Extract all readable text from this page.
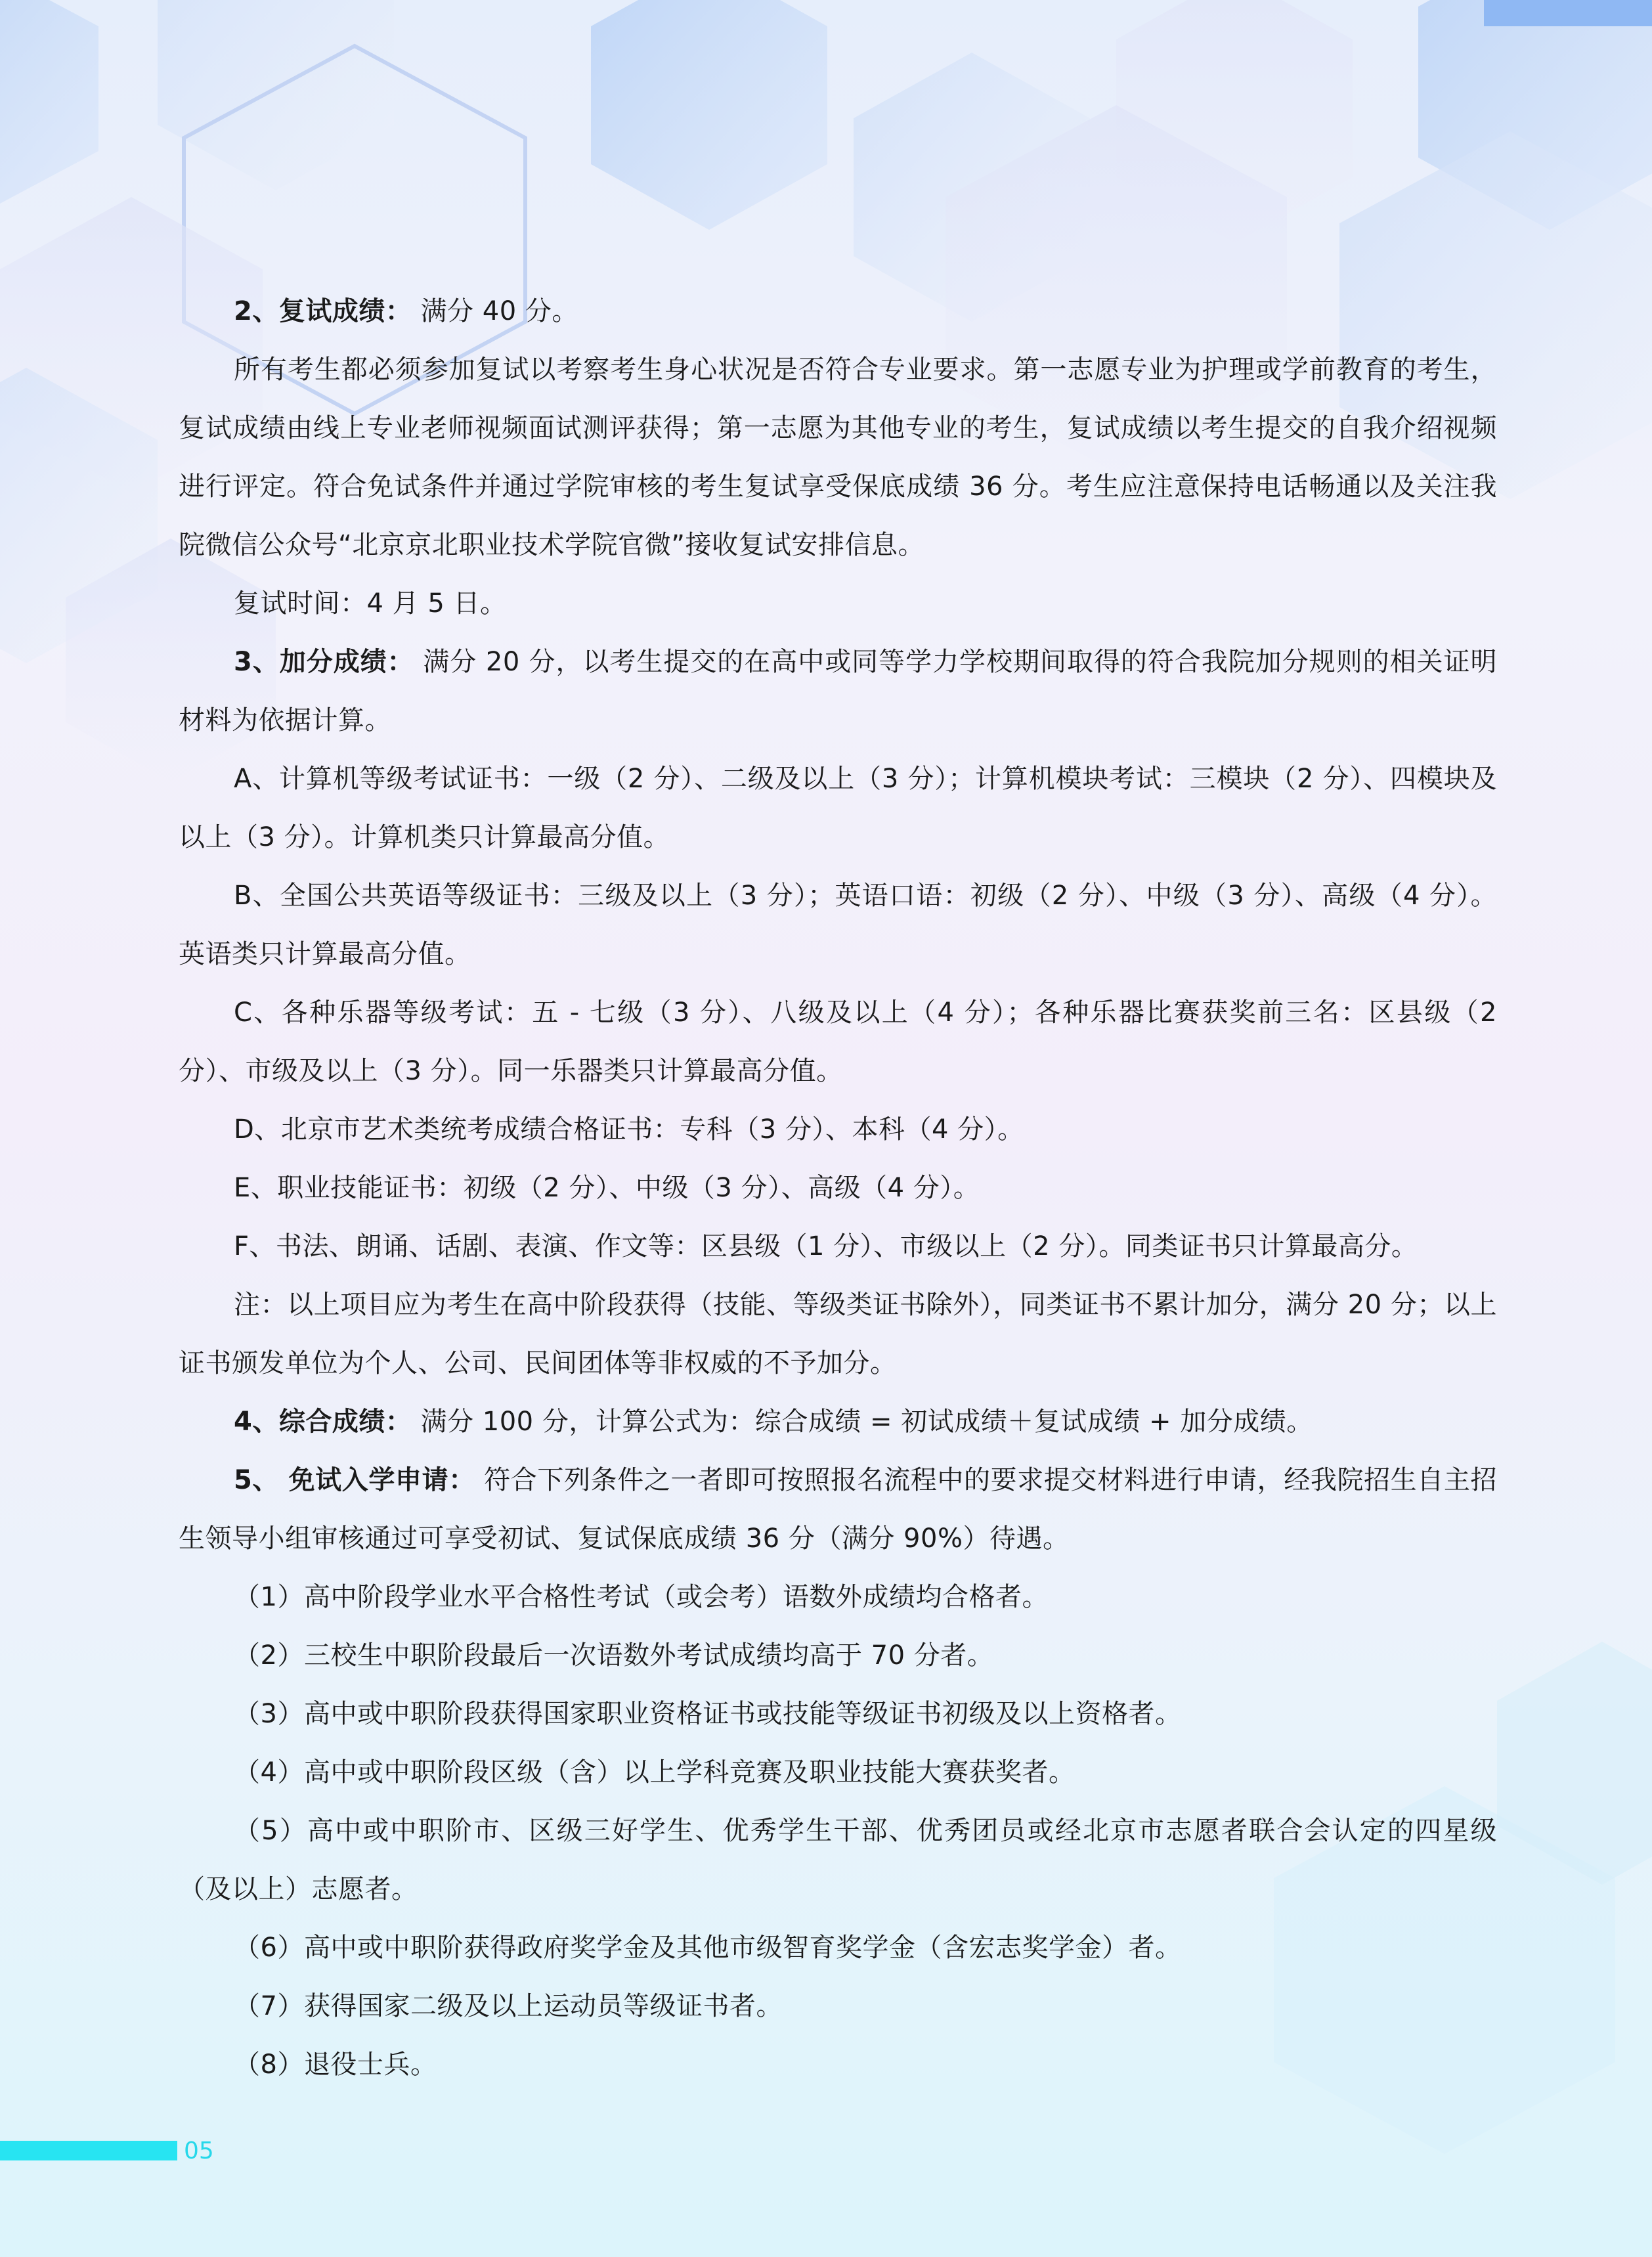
2、复试成绩： 满分 40 分。

所有考生都必须参加复试以考察考生身心状况是否符合专业要求。第一志愿专业为护理或学前教育的考生，复试成绩由线上专业老师视频面试测评获得；第一志愿为其他专业的考生，复试成绩以考生提交的自我介绍视频进行评定。符合免试条件并通过学院审核的考生复试享受保底成绩 36 分。考生应注意保持电话畅通以及关注我院微信公众号“北京京北职业技术学院官微”接收复试安排信息。

复试时间：4 月 5 日。

3、加分成绩： 满分 20 分，以考生提交的在高中或同等学力学校期间取得的符合我院加分规则的相关证明材料为依据计算。

A、计算机等级考试证书：一级（2 分）、二级及以上（3 分）；计算机模块考试：三模块（2 分）、四模块及以上（3 分）。计算机类只计算最高分值。

B、全国公共英语等级证书：三级及以上（3 分）；英语口语：初级（2 分）、中级（3 分）、高级（4 分）。英语类只计算最高分值。

C、各种乐器等级考试：五 - 七级（3 分）、八级及以上（4 分）；各种乐器比赛获奖前三名：区县级（2 分）、市级及以上（3 分）。同一乐器类只计算最高分值。

D、北京市艺术类统考成绩合格证书：专科（3 分）、本科（4 分）。

E、职业技能证书：初级（2 分）、中级（3 分）、高级（4 分）。

F、书法、朗诵、话剧、表演、作文等：区县级（1 分）、市级以上（2 分）。同类证书只计算最高分。

注：以上项目应为考生在高中阶段获得（技能、等级类证书除外），同类证书不累计加分，满分 20 分；以上证书颁发单位为个人、公司、民间团体等非权威的不予加分。

4、综合成绩： 满分 100 分，计算公式为：综合成绩 = 初试成绩＋复试成绩 + 加分成绩。

5、 免试入学申请： 符合下列条件之一者即可按照报名流程中的要求提交材料进行申请，经我院招生自主招生领导小组审核通过可享受初试、复试保底成绩 36 分（满分 90%）待遇。

（1）高中阶段学业水平合格性考试（或会考）语数外成绩均合格者。

（2）三校生中职阶段最后一次语数外考试成绩均高于 70 分者。

（3）高中或中职阶段获得国家职业资格证书或技能等级证书初级及以上资格者。

（4）高中或中职阶段区级（含）以上学科竞赛及职业技能大赛获奖者。

（5）高中或中职阶市、区级三好学生、优秀学生干部、优秀团员或经北京市志愿者联合会认定的四星级（及以上）志愿者。

（6）高中或中职阶获得政府奖学金及其他市级智育奖学金（含宏志奖学金）者。

（7）获得国家二级及以上运动员等级证书者。

（8）退役士兵。

05
